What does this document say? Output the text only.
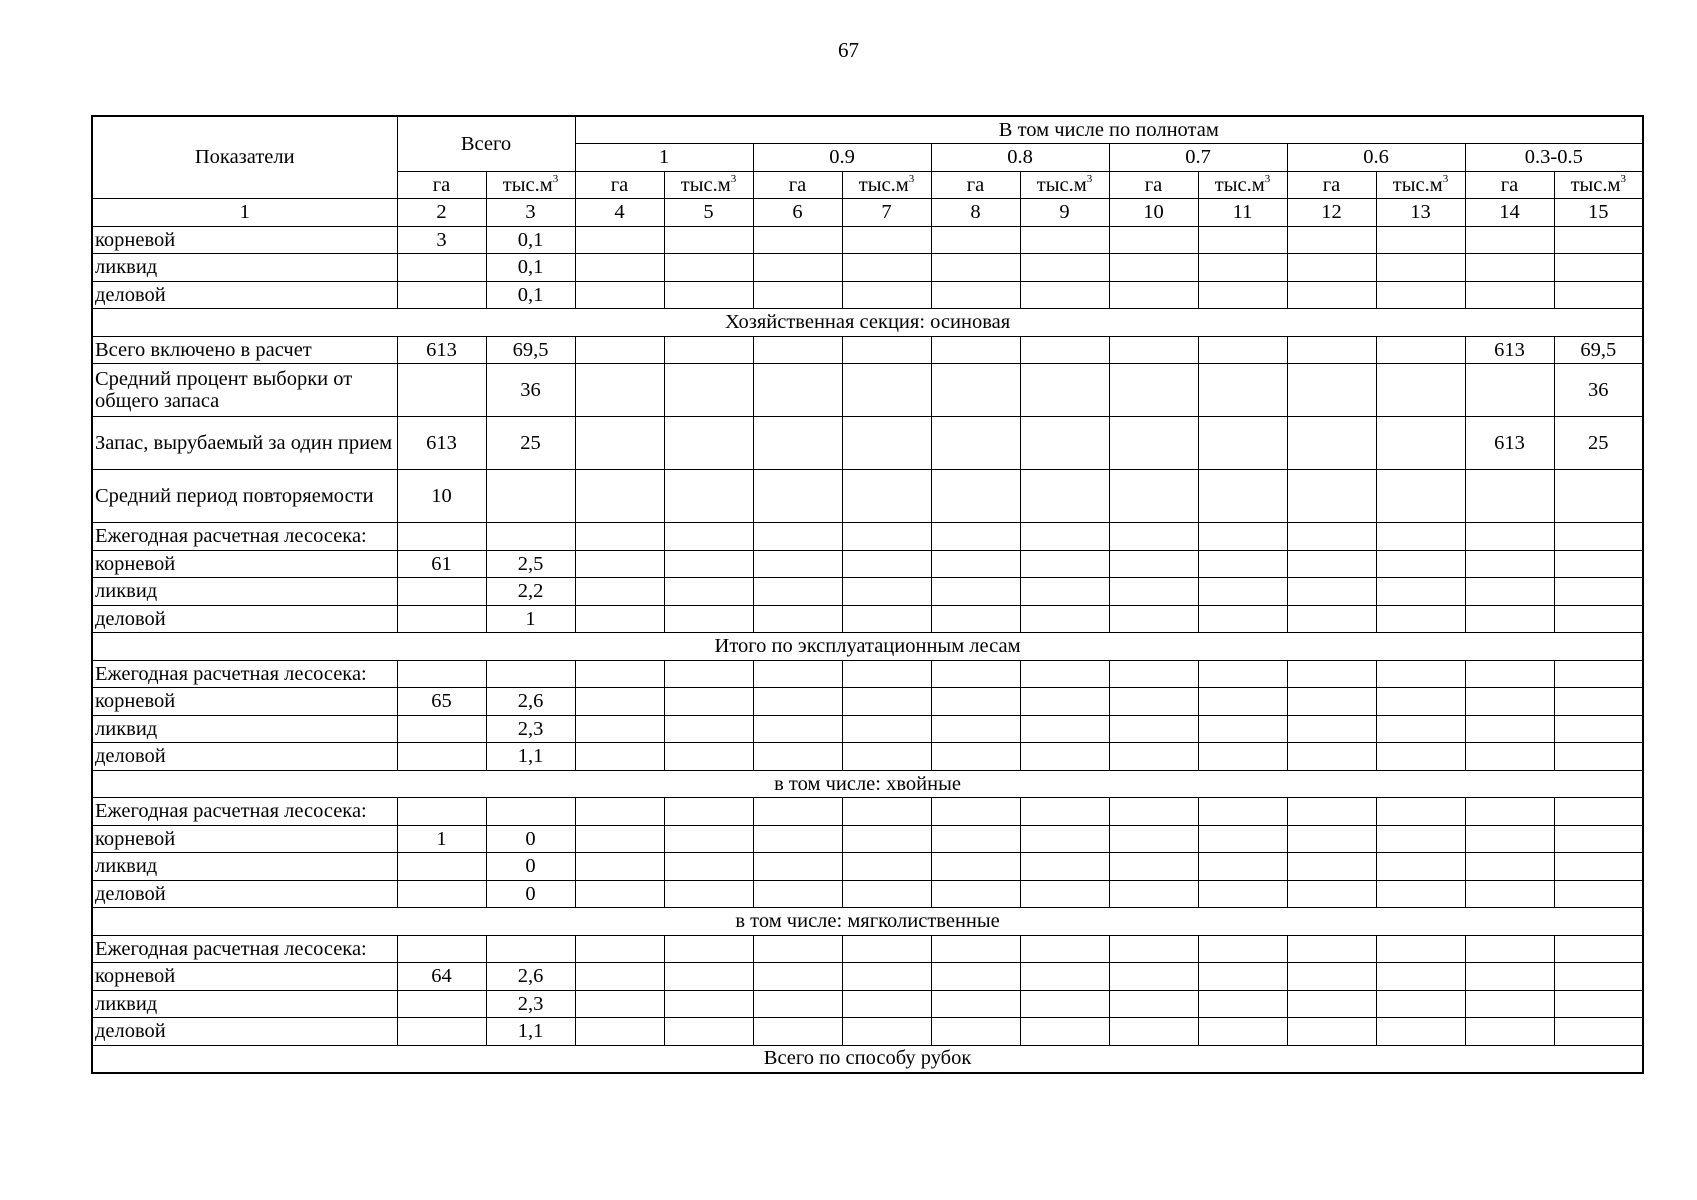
67
Показатели	Всего		В том числе по полнотам											
			1		0.9		0.8		0.7		0.6		0.3-0.5	
	га	$тыс.м^3$	га	$тыс.м^3$	га	$тыс.м^3$	га	$тыс.м^3$	га	$тыс.м^3$	га	$тыс.м^3$	га	$тыс.м^3$
1	2	3	4	5	6	7	8	9	10	11	12	13	14	15
корневой	3	0,1												
ликвид		0,1												
деловой		0,1												
Хозяйственная секция: осиновая														
Всего включено в расчет	613	69,5											613	69,5
Средний процент выборки от общего запаса		36												36
Запас, вырубаемый за один прием	613	25											613	25
Средний период повторяемости	10													
Ежегодная расчетная лесосека:														
корневой	61	2,5												
ликвид		2,2												
деловой		1												
Итого по эксплуатационным лесам														
Ежегодная расчетная лесосека:														
корневой	65	2,6												
ликвид		2,3												
деловой		1,1												
в том числе: хвойные														
Ежегодная расчетная лесосека:														
корневой	1	0												
ликвид		0												
деловой		0												
в том числе: мягколиственные														
Ежегодная расчетная лесосека:														
корневой	64	2,6												
ликвид		2,3												
деловой		1,1												
Всего по способу рубок														
